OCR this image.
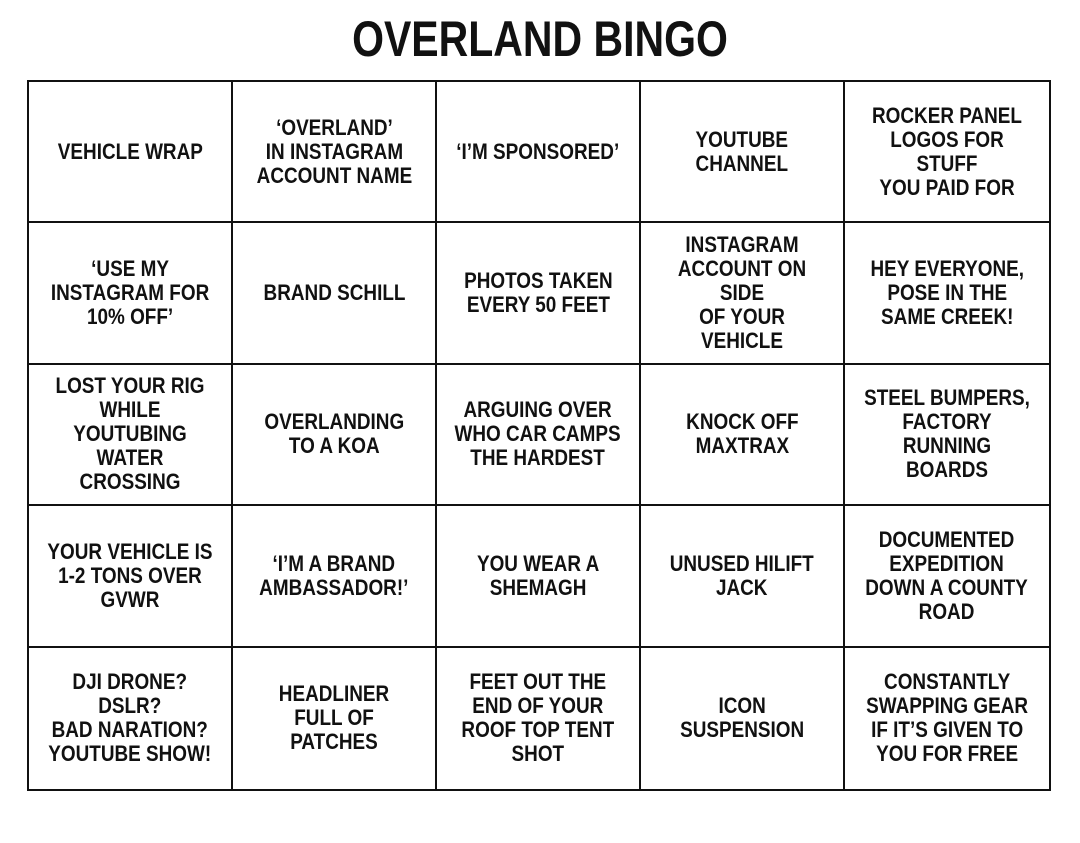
OVERLAND BINGO
VEHICLE WRAP
‘OVERLAND’
IN INSTAGRAM
ACCOUNT NAME
‘I’M SPONSORED’	YOUTUBE
CHANNEL
ROCKER PANEL
LOGOS FOR STUFF
YOU PAID FOR
‘USE MY
INSTAGRAM FOR
10% OFF’
BRAND SCHILL	PHOTOS TAKEN
EVERY 50 FEET
INSTAGRAM
ACCOUNT ON SIDE
OF YOUR VEHICLE
HEY EVERYONE,
POSE IN THE
SAME CREEK!
LOST YOUR RIG
WHILE YOUTUBING
WATER CROSSING
OVERLANDING
TO A KOA
ARGUING OVER
WHO CAR CAMPS
THE HARDEST
KNOCK OFF
MAXTRAX
STEEL BUMPERS,
FACTORY RUNNING
BOARDS
YOUR VEHICLE IS
1-2 TONS OVER
GVWR
‘I’M A BRAND
AMBASSADOR!’
YOU WEAR A
SHEMAGH
UNUSED HILIFT
JACK
DOCUMENTED
EXPEDITION
DOWN A COUNTY
ROAD
DJI DRONE?
DSLR?
BAD NARATION?
YOUTUBE SHOW!
HEADLINER
FULL OF PATCHES
FEET OUT THE
END OF YOUR
ROOF TOP TENT
SHOT
ICON
SUSPENSION
CONSTANTLY
SWAPPING GEAR
IF IT’S GIVEN TO
YOU FOR FREE
